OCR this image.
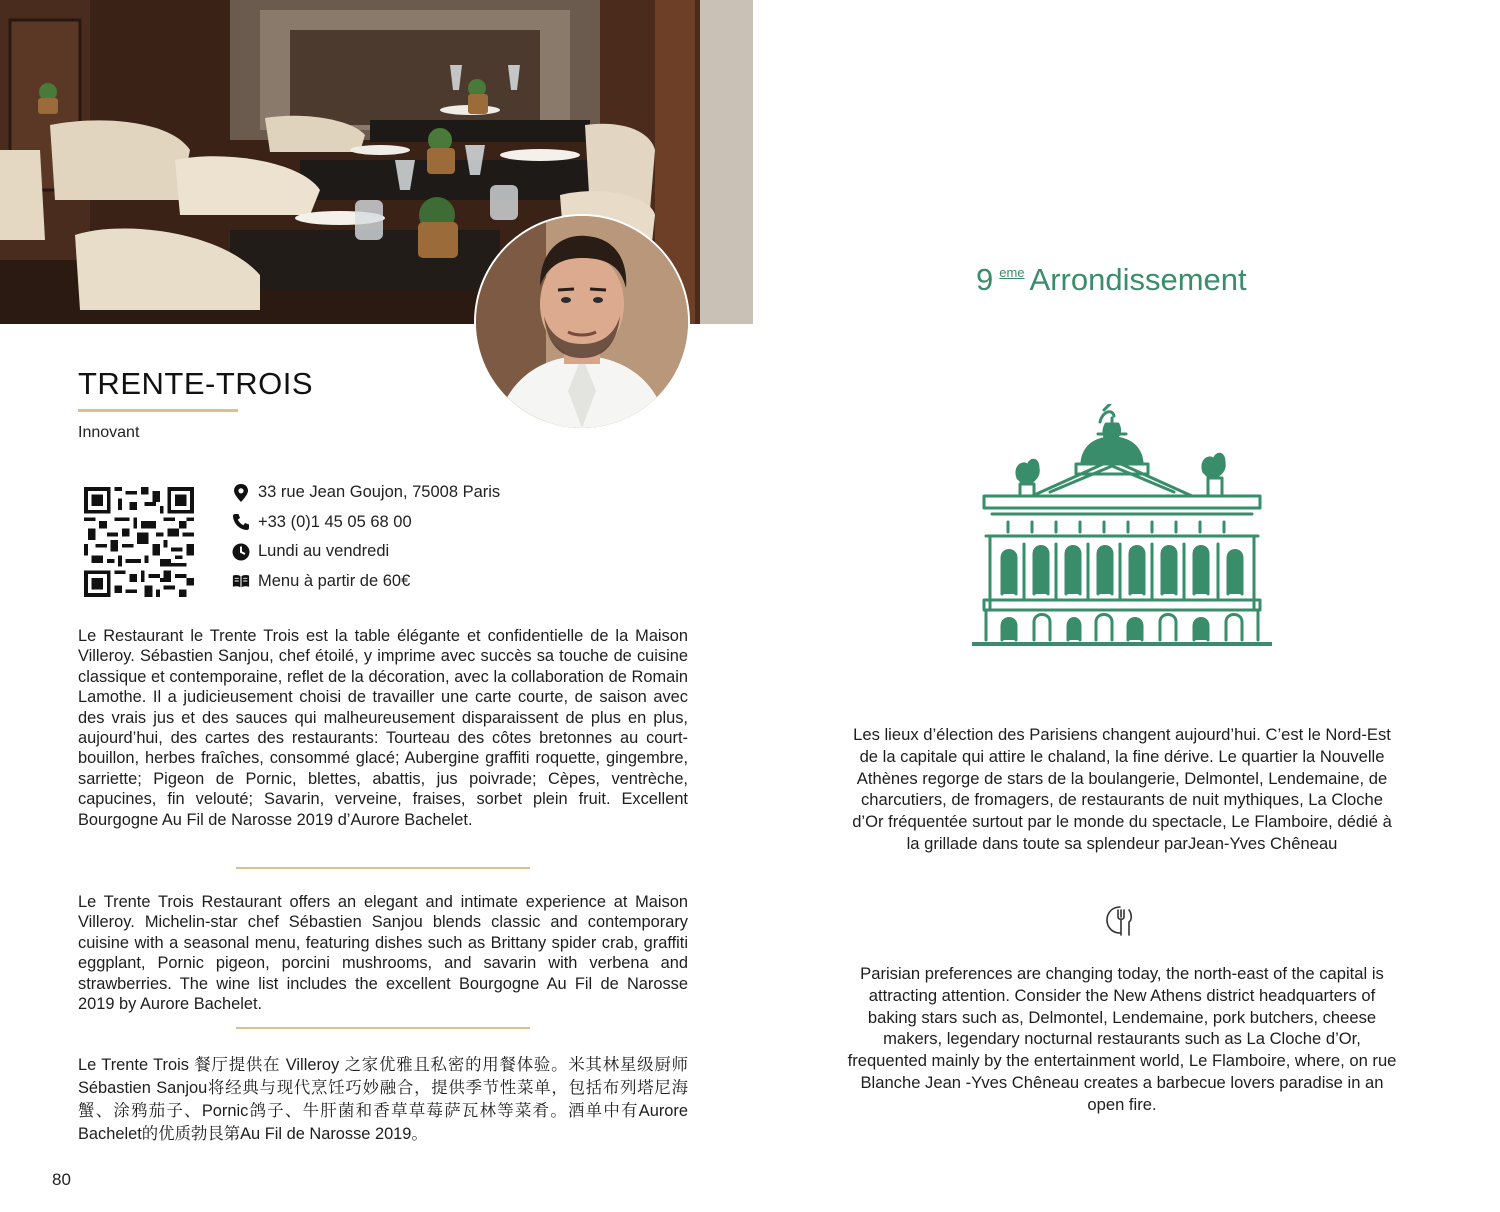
TRENTE-TROIS
Innovant
33 rue Jean Goujon, 75008 Paris
+33 (0)1 45 05 68 00
Lundi au vendredi
Menu à partir de 60€

Le Restaurant le Trente Trois est la table élégante et confidentielle de la Maison Villeroy. Sébastien Sanjou, chef étoilé, y imprime avec succès sa touche de cuisine classique et contemporaine, reflet de la décoration, avec la collaboration de Romain Lamothe. Il a judicieusement choisi de travailler une carte courte, de saison avec des vrais jus et des sauces qui malheureusement disparaissent de plus en plus, aujourd’hui, des cartes des restaurants: Tourteau des côtes bretonnes au court-bouillon, herbes fraîches, consommé glacé; Aubergine graffiti roquette, gingembre, sarriette; Pigeon de Pornic, blettes, abattis, jus poivrade; Cèpes, ventrèche, capucines, fin velouté; Savarin, verveine, fraises, sorbet plein fruit. Excellent Bourgogne Au Fil de Narosse 2019 d’Aurore Bachelet.

Le Trente Trois Restaurant offers an elegant and intimate experience at Maison Villeroy. Michelin-star chef Sébastien Sanjou blends classic and contemporary cuisine with a seasonal menu, featuring dishes such as Brittany spider crab, graffiti eggplant, Pornic pigeon, porcini mushrooms, and savarin with verbena and strawberries. The wine list includes the excellent Bourgogne Au Fil de Narosse 2019 by Aurore Bachelet.

Le Trente Trois 餐厅提供在 Villeroy 之家优雅且私密的用餐体验。米其林星级厨师Sébastien Sanjou将经典与现代烹饪巧妙融合，提供季节性菜单，包括布列塔尼海蟹、涂鸦茄子、Pornic鸽子、牛肝菌和香草草莓萨瓦林等菜肴。酒单中有Aurore Bachelet的优质勃艮第Au Fil de Narosse 2019。

80
9 $^{eme}$ Arrondissement

Les lieux d’élection des Parisiens changent aujourd’hui. C’est le Nord-Est de la capitale qui attire le chaland, la fine dérive. Le quartier la Nouvelle Athènes regorge de stars de la boulangerie, Delmontel, Lendemaine, de charcutiers, de fromagers, de restaurants de nuit mythiques, La Cloche d’Or fréquentée surtout par le monde du spectacle, Le Flamboire, dédié à la grillade dans toute sa splendeur parJean-Yves Chêneau

Parisian preferences are changing today, the north-east of the capital is attracting attention. Consider the New Athens district headquarters of baking stars such as, Delmontel, Lendemaine, pork butchers, cheese makers, legendary nocturnal restaurants such as La Cloche d’Or, frequented mainly by the entertainment world, Le Flamboire, where, on rue Blanche Jean -Yves Chêneau creates a barbecue lovers paradise in an open fire.
